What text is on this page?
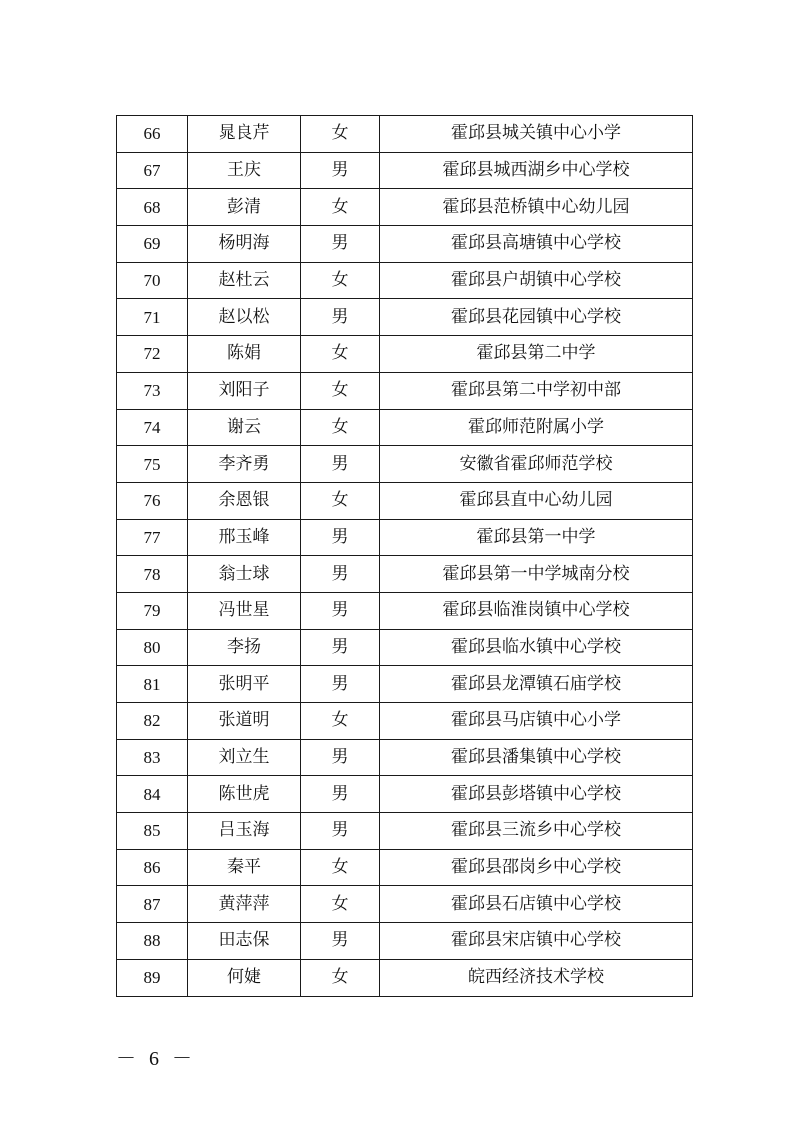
66	晁良芹	女	霍邱县城关镇中心小学
67	王庆	男	霍邱县城西湖乡中心学校
68	彭清	女	霍邱县范桥镇中心幼儿园
69	杨明海	男	霍邱县高塘镇中心学校
70	赵杜云	女	霍邱县户胡镇中心学校
71	赵以松	男	霍邱县花园镇中心学校
72	陈娟	女	霍邱县第二中学
73	刘阳子	女	霍邱县第二中学初中部
74	谢云	女	霍邱师范附属小学
75	李齐勇	男	安徽省霍邱师范学校
76	余恩银	女	霍邱县直中心幼儿园
77	邢玉峰	男	霍邱县第一中学
78	翁士球	男	霍邱县第一中学城南分校
79	冯世星	男	霍邱县临淮岗镇中心学校
80	李扬	男	霍邱县临水镇中心学校
81	张明平	男	霍邱县龙潭镇石庙学校
82	张道明	女	霍邱县马店镇中心小学
83	刘立生	男	霍邱县潘集镇中心学校
84	陈世虎	男	霍邱县彭塔镇中心学校
85	吕玉海	男	霍邱县三流乡中心学校
86	秦平	女	霍邱县邵岗乡中心学校
87	黄萍萍	女	霍邱县石店镇中心学校
88	田志保	男	霍邱县宋店镇中心学校
89	何婕	女	皖西经济技术学校
－ 6 －
